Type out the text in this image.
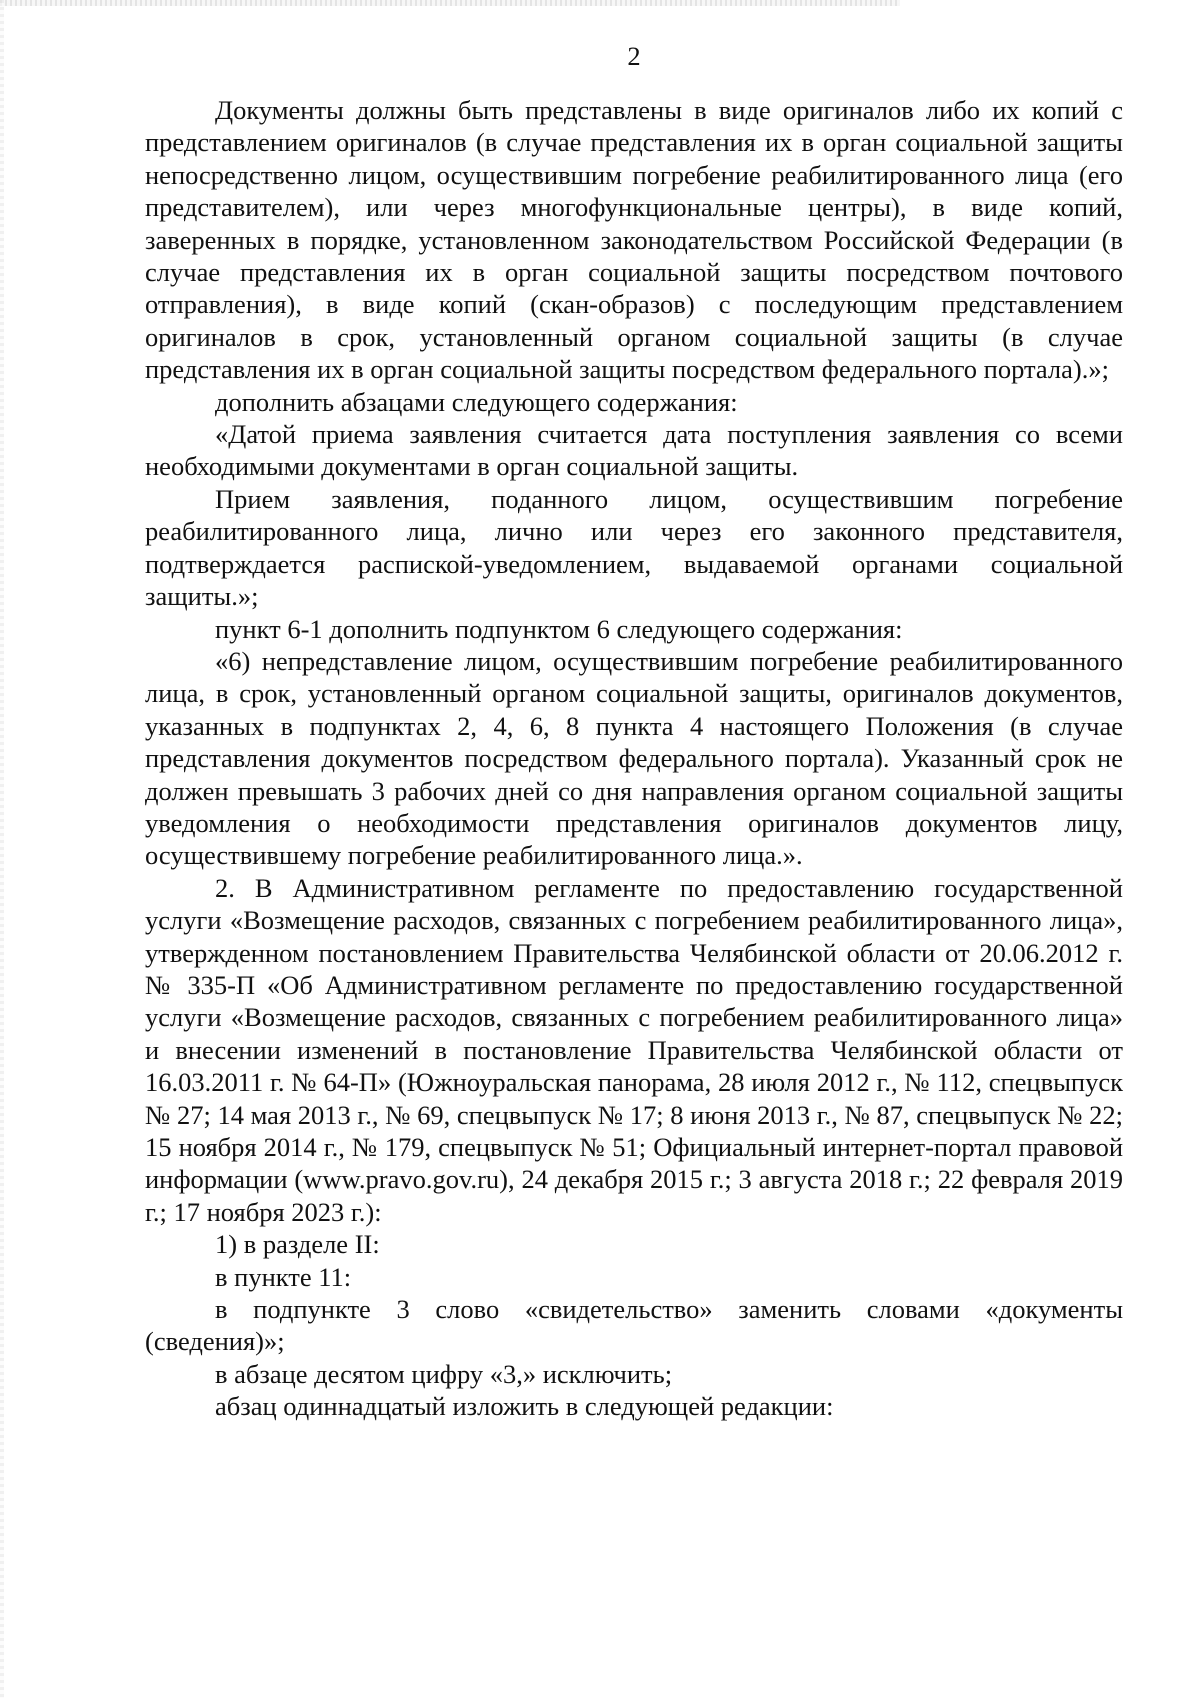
2

Документы должны быть представлены в виде оригиналов либо их копий с представлением оригиналов (в случае представления их в орган социальной защиты непосредственно лицом, осуществившим погребение реабилитированного лица (его представителем), или через многофункциональные центры), в виде копий, заверенных в порядке, установленном законодательством Российской Федерации (в случае представления их в орган социальной защиты посредством почтового отправления), в виде копий (скан-образов) с последующим представлением оригиналов в срок, установленный органом социальной защиты (в случае представления их в орган социальной защиты посредством федерального портала).»;

дополнить абзацами следующего содержания:

«Датой приема заявления считается дата поступления заявления со всеми необходимыми документами в орган социальной защиты.

Прием заявления, поданного лицом, осуществившим погребение реабилитированного лица, лично или через его законного представителя, подтверждается распиской-уведомлением, выдаваемой органами социальной защиты.»;

пункт 6-1 дополнить подпунктом 6 следующего содержания:

«6) непредставление лицом, осуществившим погребение реабилитированного лица, в срок, установленный органом социальной защиты, оригиналов документов, указанных в подпунктах 2, 4, 6, 8 пункта 4 настоящего Положения (в случае представления документов посредством федерального портала). Указанный срок не должен превышать 3 рабочих дней со дня направления органом социальной защиты уведомления о необходимости представления оригиналов документов лицу, осуществившему погребение реабилитированного лица.».

2. В Административном регламенте по предоставлению государственной услуги «Возмещение расходов, связанных с погребением реабилитированного лица», утвержденном постановлением Правительства Челябинской области от 20.06.2012 г. № 335-П «Об Административном регламенте по предоставлению государственной услуги «Возмещение расходов, связанных с погребением реабилитированного лица» и внесении изменений в постановление Правительства Челябинской области от 16.03.2011 г. № 64-П» (Южноуральская панорама, 28 июля 2012 г., № 112, спецвыпуск № 27; 14 мая 2013 г., № 69, спецвыпуск № 17; 8 июня 2013 г., № 87, спецвыпуск № 22; 15 ноября 2014 г., № 179, спецвыпуск № 51; Официальный интернет-портал правовой информации (www.pravo.gov.ru), 24 декабря 2015 г.; 3 августа 2018 г.; 22 февраля 2019 г.; 17 ноября 2023 г.):

1) в разделе II:

в пункте 11:

в подпункте 3 слово «свидетельство» заменить словами «документы (сведения)»;

в абзаце десятом цифру «3,» исключить;

абзац одиннадцатый изложить в следующей редакции:
